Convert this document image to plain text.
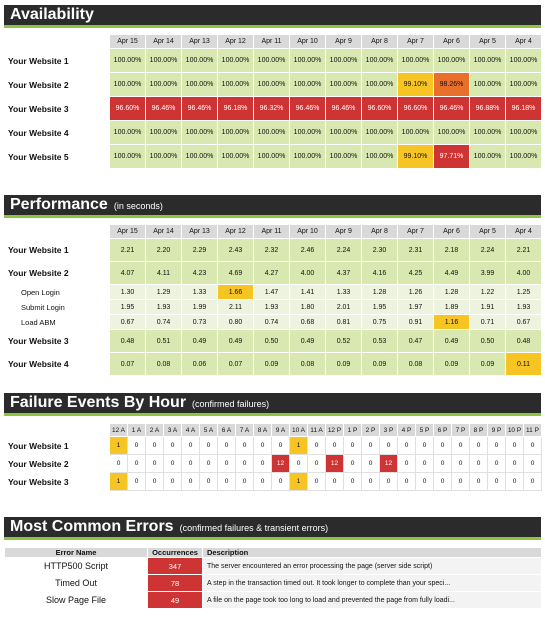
Availability
	Apr 15	Apr 14	Apr 13	Apr 12	Apr 11	Apr 10	Apr 9	Apr 8	Apr 7	Apr 6	Apr 5	Apr 4
Your Website 1	100.00%	100.00%	100.00%	100.00%	100.00%	100.00%	100.00%	100.00%	100.00%	100.00%	100.00%	100.00%
Your Website 2	100.00%	100.00%	100.00%	100.00%	100.00%	100.00%	100.00%	100.00%	99.10%	98.26%	100.00%	100.00%
Your Website 3	96.60%	96.46%	96.46%	96.18%	96.32%	96.46%	96.46%	96.60%	96.60%	96.46%	96.88%	96.18%
Your Website 4	100.00%	100.00%	100.00%	100.00%	100.00%	100.00%	100.00%	100.00%	100.00%	100.00%	100.00%	100.00%
Your Website 5	100.00%	100.00%	100.00%	100.00%	100.00%	100.00%	100.00%	100.00%	99.10%	97.71%	100.00%	100.00%
Performance (in seconds)
	Apr 15	Apr 14	Apr 13	Apr 12	Apr 11	Apr 10	Apr 9	Apr 8	Apr 7	Apr 6	Apr 5	Apr 4
Your Website 1	2.21	2.20	2.29	2.43	2.32	2.46	2.24	2.30	2.31	2.18	2.24	2.21
Your Website 2	4.07	4.11	4.23	4.69	4.27	4.00	4.37	4.16	4.25	4.49	3.99	4.00
Open Login	1.30	1.29	1.33	1.66	1.47	1.41	1.33	1.28	1.26	1.28	1.22	1.25
Submit Login	1.95	1.93	1.99	2.11	1.93	1.80	2.01	1.95	1.97	1.89	1.91	1.93
Load ABM	0.67	0.74	0.73	0.80	0.74	0.68	0.81	0.75	0.91	1.16	0.71	0.67
Your Website 3	0.48	0.51	0.49	0.49	0.50	0.49	0.52	0.53	0.47	0.49	0.50	0.48
Your Website 4	0.07	0.08	0.06	0.07	0.09	0.08	0.09	0.09	0.08	0.09	0.09	0.11
Failure Events By Hour (confirmed failures)
	12 A	1 A	2 A	3 A	4 A	5 A	6 A	7 A	8 A	9 A	10 A	11 A	12 P	1 P	2 P	3 P	4 P	5 P	6 P	7 P	8 P	9 P	10 P	11 P
Your Website 1	1	0	0	0	0	0	0	0	0	0	1	0	0	0	0	0	0	0	0	0	0	0	0	0
Your Website 2	0	0	0	0	0	0	0	0	0	12	0	0	12	0	0	12	0	0	0	0	0	0	0	0
Your Website 3	1	0	0	0	0	0	0	0	0	0	1	0	0	0	0	0	0	0	0	0	0	0	0	0
Most Common Errors (confirmed failures & transient errors)
Error Name	Occurrences	Description
HTTP500 Script	347	The server encountered an error processing the page (server side script)
Timed Out	78	A step in the transaction timed out. It took longer to complete than your speci...
Slow Page File	49	A file on the page took too long to load and prevented the page from fully loadi...
